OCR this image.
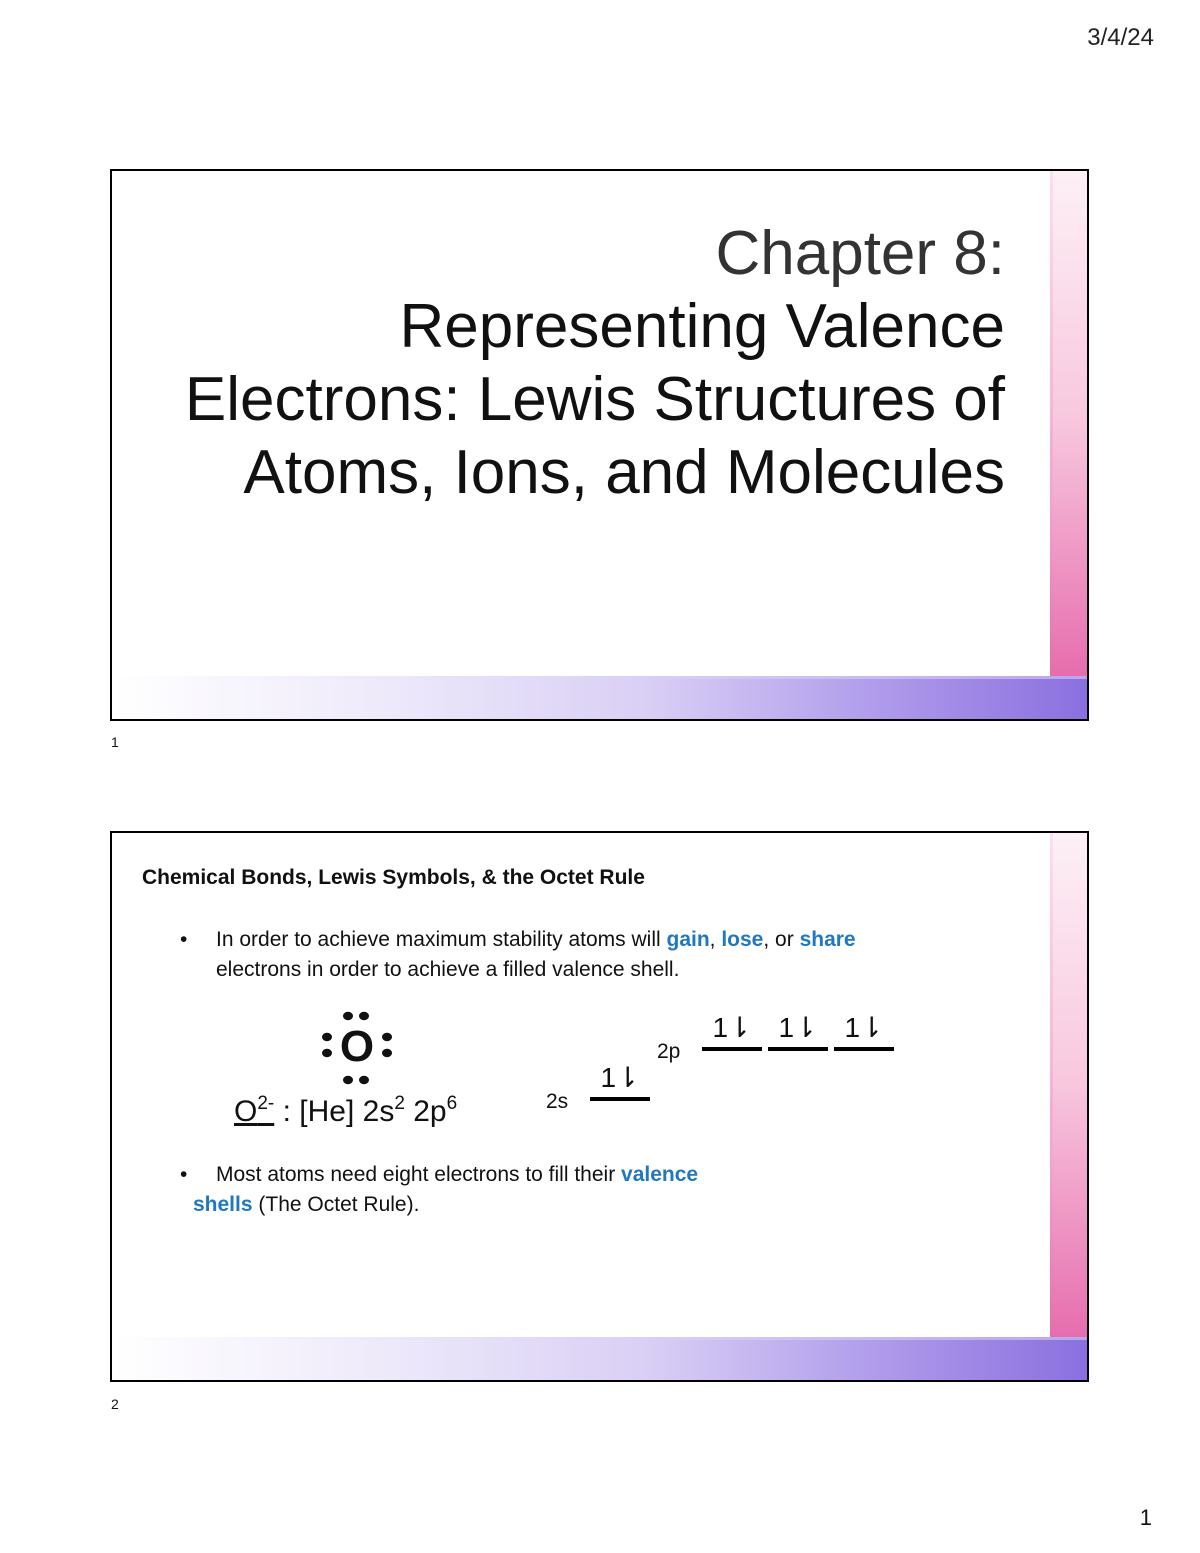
3/4/24
Chapter 8:
Representing Valence
Electrons: Lewis Structures of
Atoms, Ions, and Molecules
1
Chemical Bonds, Lewis Symbols, & the Octet Rule
• In order to achieve maximum stability atoms will gain, lose, or share
electrons in order to achieve a filled valence shell.
O
$O^{2-}$ : [He] $2s^2$ $2p^6$	2s
1⇂
2p
1⇂ 1⇂ 1⇂
• Most atoms need eight electrons to fill their valence
shells (The Octet Rule).
2
1
